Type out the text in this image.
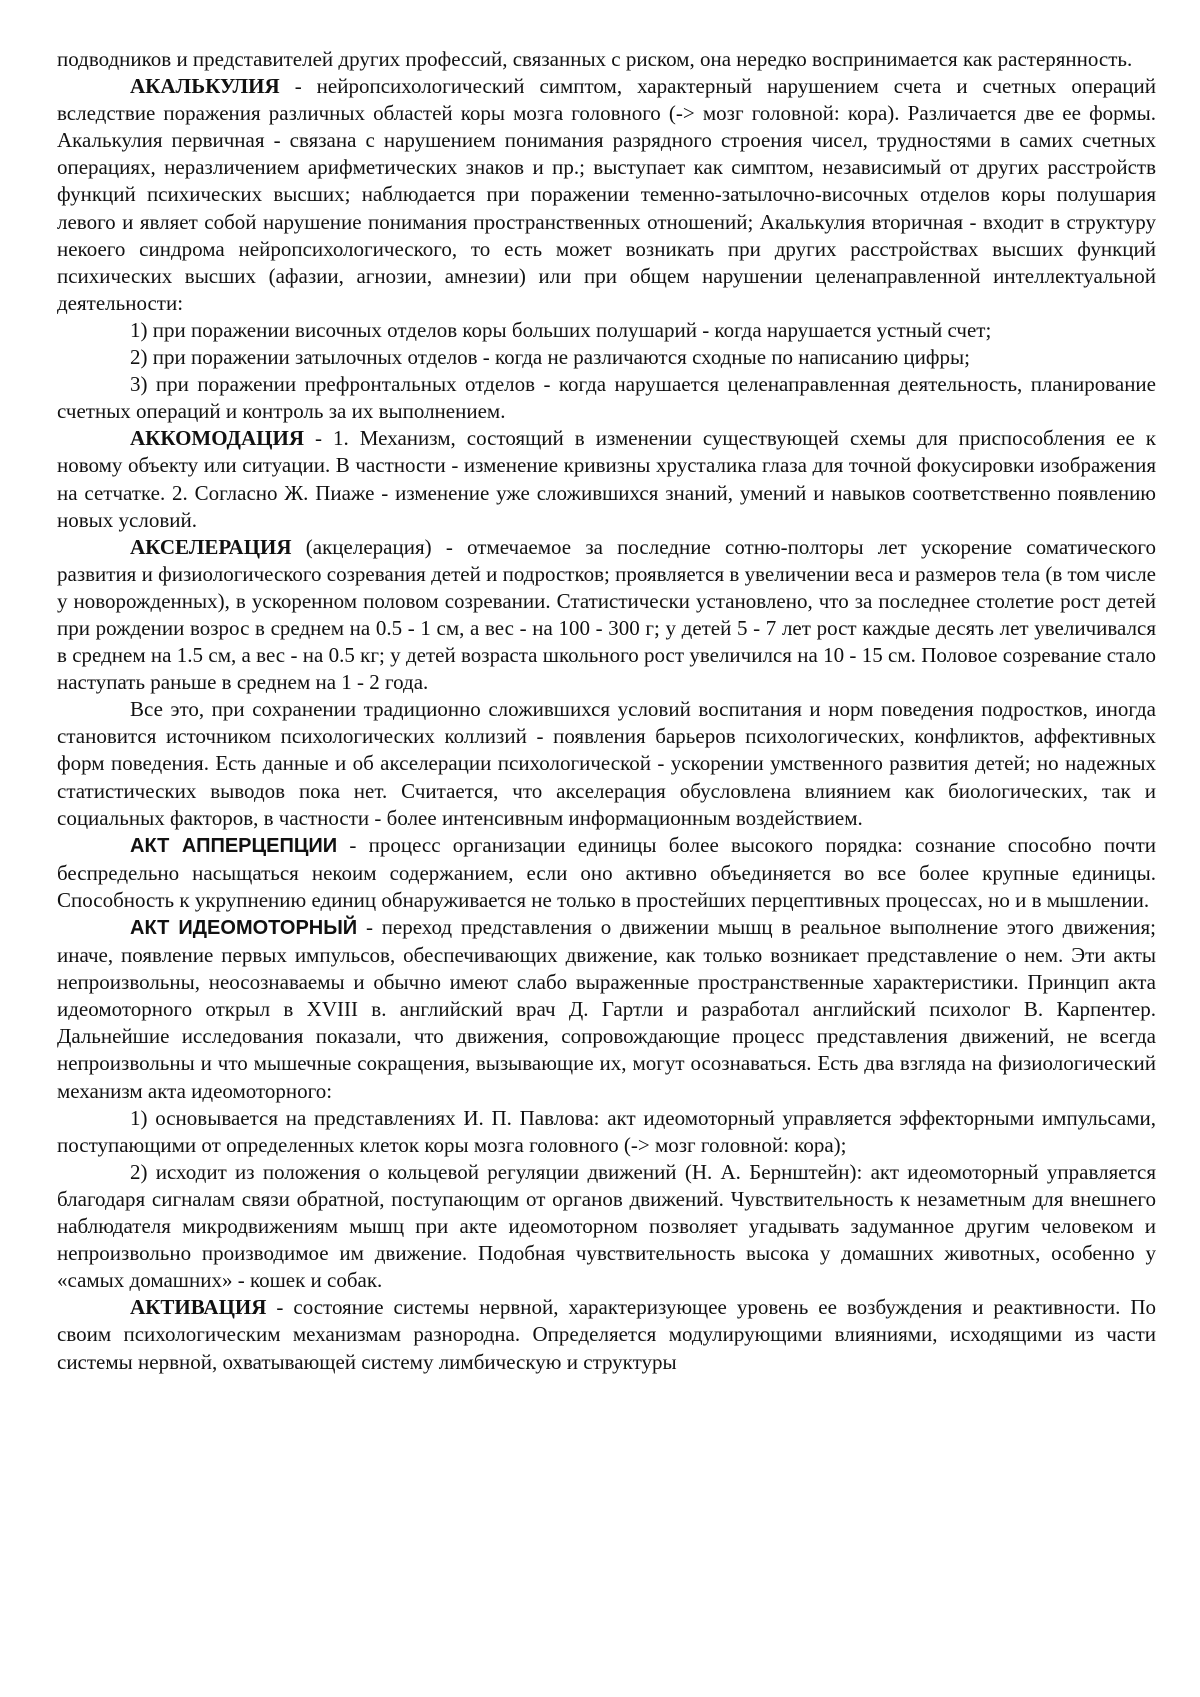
подводников и представителей других профессий, связанных с риском, она нередко воспринимается как растерянность.

АКАЛЬКУЛИЯ - нейропсихологический симптом, характерный нарушением счета и счетных операций вследствие поражения различных областей коры мозга головного (-> мозг головной: кора). Различается две ее формы. Акалькулия первичная - связана с нарушением понимания разрядного строения чисел, трудностями в самих счетных операциях, неразличением арифметических знаков и пр.; выступает как симптом, независимый от других расстройств функций психических высших; наблюдается при поражении теменно-затылочно-височных отделов коры полушария левого и являет собой нарушение понимания пространственных отношений; Акалькулия вторичная - входит в структуру некоего синдрома нейропсихологического, то есть может возникать при других расстройствах высших функций психических высших (афазии, агнозии, амнезии) или при общем нарушении целенаправленной интеллектуальной деятельности:

1) при поражении височных отделов коры больших полушарий - когда нарушается устный счет;

2) при поражении затылочных отделов - когда не различаются сходные по написанию цифры;

3) при поражении префронтальных отделов - когда нарушается целенаправленная деятельность, планирование счетных операций и контроль за их выполнением.

АККОМОДАЦИЯ - 1. Механизм, состоящий в изменении существующей схемы для приспособления ее к новому объекту или ситуации. В частности - изменение кривизны хрусталика глаза для точной фокусировки изображения на сетчатке. 2. Согласно Ж. Пиаже - изменение уже сложившихся знаний, умений и навыков соответственно появлению новых условий.

АКСЕЛЕРАЦИЯ (акцелерация) - отмечаемое за последние сотню-полторы лет ускорение соматического развития и физиологического созревания детей и подростков; проявляется в увеличении веса и размеров тела (в том числе у новорожденных), в ускоренном половом созревании. Статистически установлено, что за последнее столетие рост детей при рождении возрос в среднем на 0.5 - 1 см, а вес - на 100 - 300 г; у детей 5 - 7 лет рост каждые десять лет увеличивался в среднем на 1.5 см, а вес - на 0.5 кг; у детей возраста школьного рост увеличился на 10 - 15 см. Половое созревание стало наступать раньше в среднем на 1 - 2 года.

Все это, при сохранении традиционно сложившихся условий воспитания и норм поведения подростков, иногда становится источником психологических коллизий - появления барьеров психологических, конфликтов, аффективных форм поведения. Есть данные и об акселерации психологической - ускорении умственного развития детей; но надежных статистических выводов пока нет. Считается, что акселерация обусловлена влиянием как биологических, так и социальных факторов, в частности - более интенсивным информационным воздействием.

АКТ АППЕРЦЕПЦИИ - процесс организации единицы более высокого порядка: сознание способно почти беспредельно насыщаться некоим содержанием, если оно активно объединяется во все более крупные единицы. Способность к укрупнению единиц обнаруживается не только в простейших перцептивных процессах, но и в мышлении.

АКТ ИДЕОМОТОРНЫЙ - переход представления о движении мышц в реальное выполнение этого движения; иначе, появление первых импульсов, обеспечивающих движение, как только возникает представление о нем. Эти акты непроизвольны, неосознаваемы и обычно имеют слабо выраженные пространственные характеристики. Принцип акта идеомоторного открыл в XVIII в. английский врач Д. Гартли и разработал английский психолог В. Карпентер. Дальнейшие исследования показали, что движения, сопровождающие процесс представления движений, не всегда непроизвольны и что мышечные сокращения, вызывающие их, могут осознаваться. Есть два взгляда на физиологический механизм акта идеомоторного:

1) основывается на представлениях И. П. Павлова: акт идеомоторный управляется эффекторными импульсами, поступающими от определенных клеток коры мозга головного (-> мозг головной: кора);

2) исходит из положения о кольцевой регуляции движений (Н. А. Бернштейн): акт идеомоторный управляется благодаря сигналам связи обратной, поступающим от органов движений. Чувствительность к незаметным для внешнего наблюдателя микродвижениям мышц при акте идеомоторном позволяет угадывать задуманное другим человеком и непроизвольно производимое им движение. Подобная чувствительность высока у домашних животных, особенно у «самых домашних» - кошек и собак.

АКТИВАЦИЯ - состояние системы нервной, характеризующее уровень ее возбуждения и реактивности. По своим психологическим механизмам разнородна. Определяется модулирующими влияниями, исходящими из части системы нервной, охватывающей систему лимбическую и структуры
